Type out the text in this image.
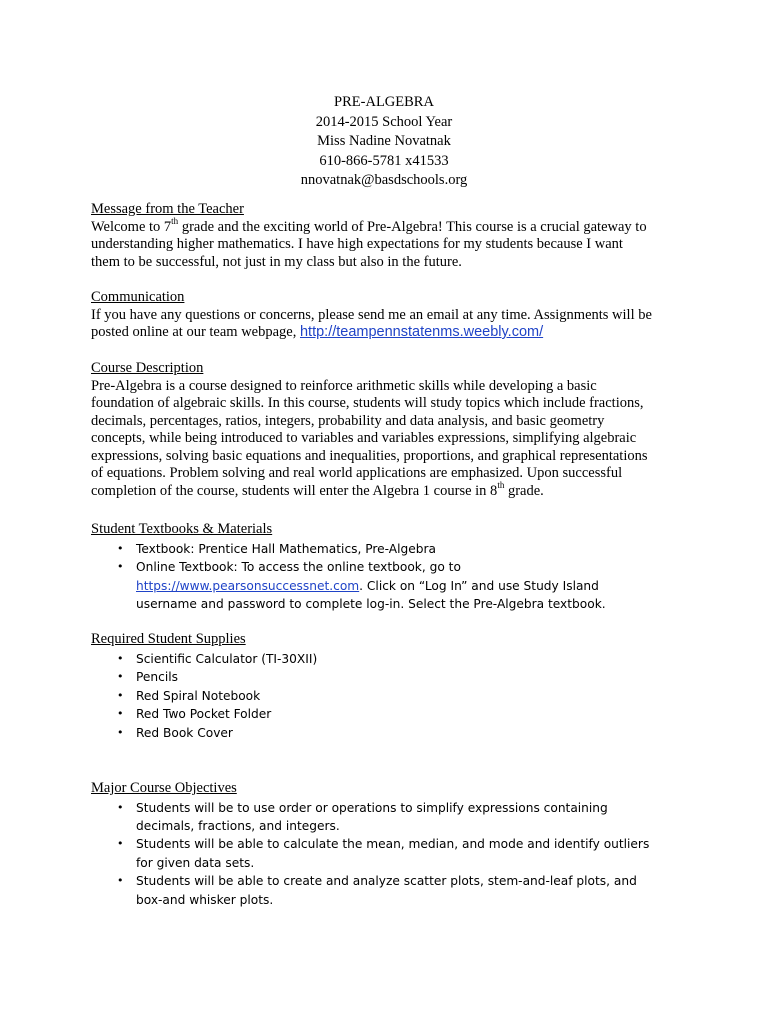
PRE-ALGEBRA
2014-2015 School Year
Miss Nadine Novatnak
610-866-5781 x41533
nnovatnak@basdschools.org
Message from the Teacher
Welcome to 7th grade and the exciting world of Pre-Algebra! This course is a crucial gateway to
understanding higher mathematics. I have high expectations for my students because I want
them to be successful, not just in my class but also in the future.
Communication
If you have any questions or concerns, please send me an email at any time. Assignments will be
posted online at our team webpage, http://teampennstatenms.weebly.com/
Course Description
Pre-Algebra is a course designed to reinforce arithmetic skills while developing a basic
foundation of algebraic skills. In this course, students will study topics which include fractions,
decimals, percentages, ratios, integers, probability and data analysis, and basic geometry
concepts, while being introduced to variables and variables expressions, simplifying algebraic
expressions, solving basic equations and inequalities, proportions, and graphical representations
of equations. Problem solving and real world applications are emphasized. Upon successful
completion of the course, students will enter the Algebra 1 course in 8th grade.
Student Textbooks & Materials
• Textbook: Prentice Hall Mathematics, Pre-Algebra
• Online Textbook: To access the online textbook, go to
https://www.pearsonsuccessnet.com. Click on “Log In” and use Study Island
username and password to complete log-in. Select the Pre-Algebra textbook.
Required Student Supplies
• Scientific Calculator (TI-30XII)
• Pencils
• Red Spiral Notebook
• Red Two Pocket Folder
• Red Book Cover
Major Course Objectives
• Students will be to use order or operations to simplify expressions containing
decimals, fractions, and integers.
• Students will be able to calculate the mean, median, and mode and identify outliers
for given data sets.
• Students will be able to create and analyze scatter plots, stem-and-leaf plots, and
box-and whisker plots.
